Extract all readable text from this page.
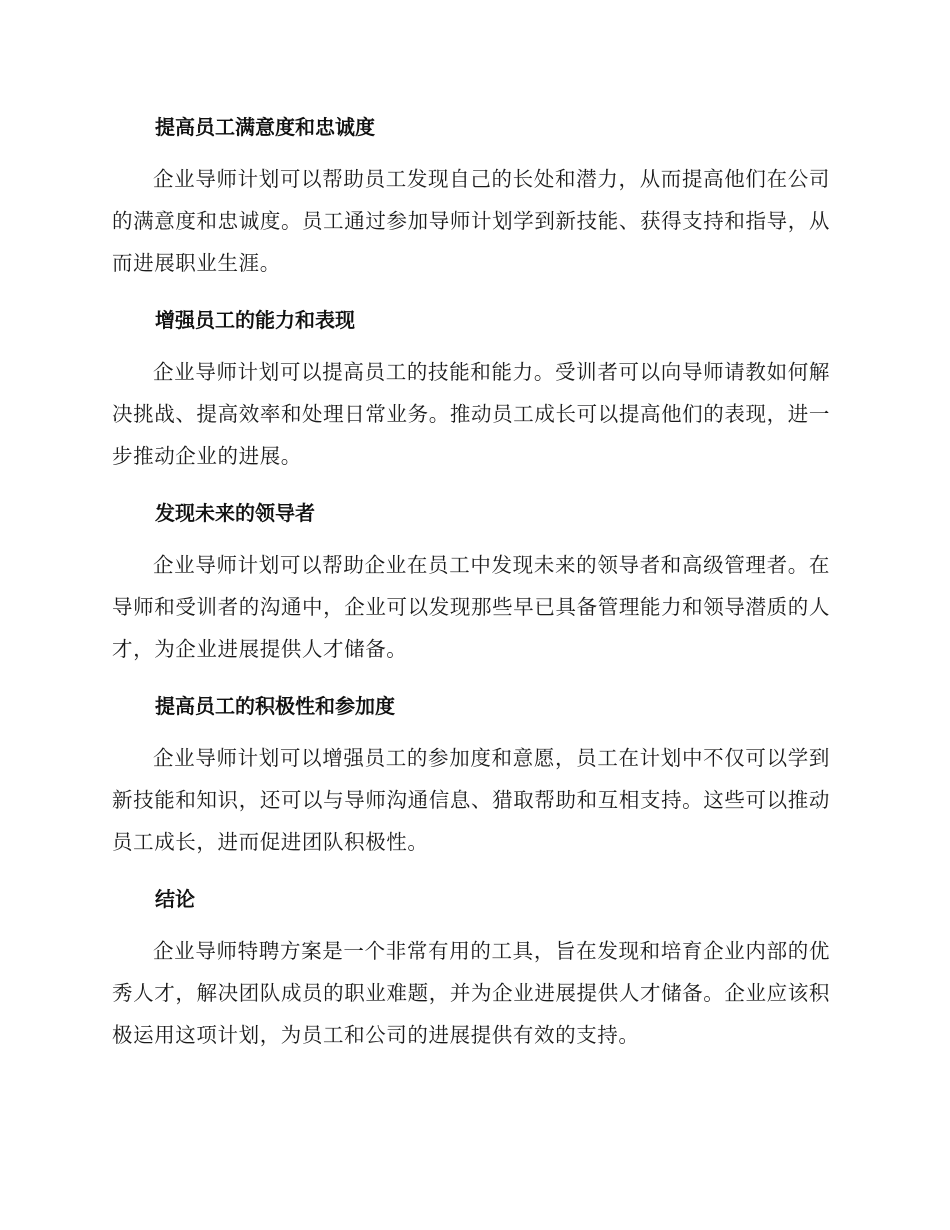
提高员工满意度和忠诚度

企业导师计划可以帮助员工发现自己的长处和潜力，从而提高他们在公司的满意度和忠诚度。员工通过参加导师计划学到新技能、获得支持和指导，从而进展职业生涯。

增强员工的能力和表现

企业导师计划可以提高员工的技能和能力。受训者可以向导师请教如何解决挑战、提高效率和处理日常业务。推动员工成长可以提高他们的表现，进一步推动企业的进展。

发现未来的领导者

企业导师计划可以帮助企业在员工中发现未来的领导者和高级管理者。在导师和受训者的沟通中，企业可以发现那些早已具备管理能力和领导潜质的人才，为企业进展提供人才储备。

提高员工的积极性和参加度

企业导师计划可以增强员工的参加度和意愿，员工在计划中不仅可以学到新技能和知识，还可以与导师沟通信息、猎取帮助和互相支持。这些可以推动员工成长，进而促进团队积极性。

结论

企业导师特聘方案是一个非常有用的工具，旨在发现和培育企业内部的优秀人才，解决团队成员的职业难题，并为企业进展提供人才储备。企业应该积极运用这项计划，为员工和公司的进展提供有效的支持。
